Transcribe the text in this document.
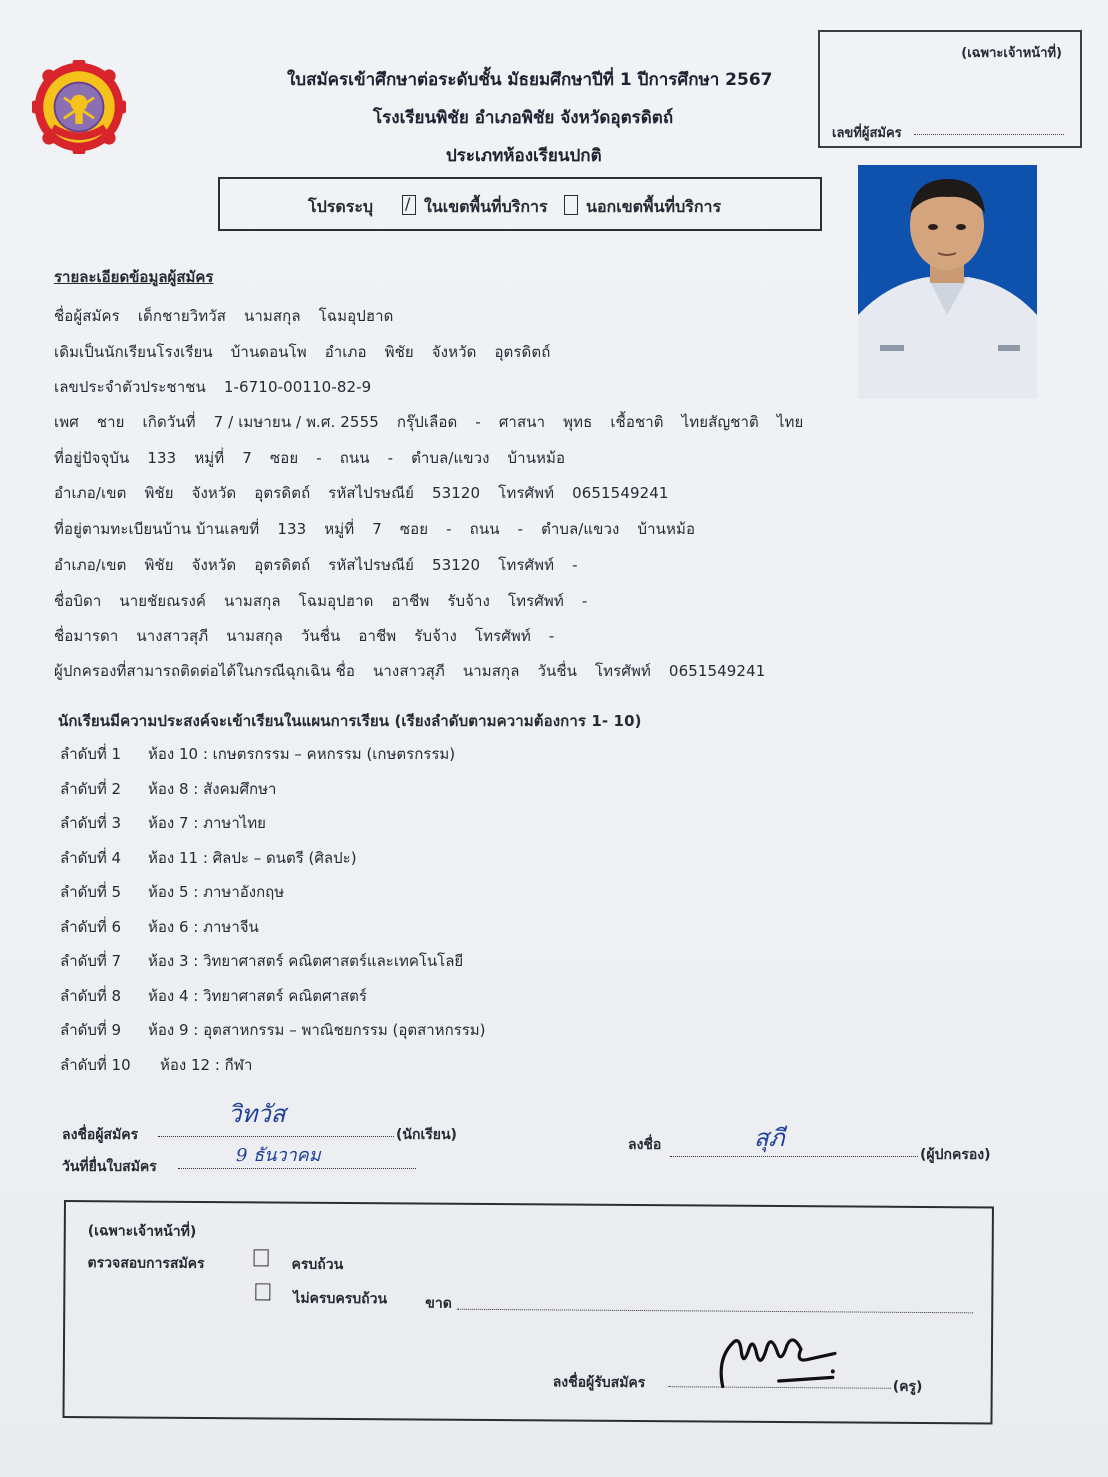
ใบสมัครเข้าศึกษาต่อระดับชั้น มัธยมศึกษาปีที่ 1 ปีการศึกษา 2567
โรงเรียนพิชัย อำเภอพิชัย จังหวัดอุตรดิตถ์
ประเภทห้องเรียนปกติ
(เฉพาะเจ้าหน้าที่)
เลขที่ผู้สมัคร
โปรดระบุ / ในเขตพื้นที่บริการ นอกเขตพื้นที่บริการ
รายละเอียดข้อมูลผู้สมัคร
ชื่อผู้สมัคร เด็กชายวิทวัส นามสกุล โฉมอุปฮาด
เดิมเป็นนักเรียนโรงเรียน บ้านดอนโพ อำเภอ พิชัย จังหวัด อุตรดิตถ์
เลขประจำตัวประชาชน 1-6710-00110-82-9
เพศ ชาย เกิดวันที่ 7 / เมษายน / พ.ศ. 2555 กรุ๊ปเลือด - ศาสนา พุทธ เชื้อชาติ ไทยสัญชาติ ไทย
ที่อยู่ปัจจุบัน 133 หมู่ที่ 7 ซอย - ถนน - ตำบล/แขวง บ้านหม้อ
อำเภอ/เขต พิชัย จังหวัด อุตรดิตถ์ รหัสไปรษณีย์ 53120 โทรศัพท์ 0651549241
ที่อยู่ตามทะเบียนบ้าน บ้านเลขที่ 133 หมู่ที่ 7 ซอย - ถนน - ตำบล/แขวง บ้านหม้อ
อำเภอ/เขต พิชัย จังหวัด อุตรดิตถ์ รหัสไปรษณีย์ 53120 โทรศัพท์ -
ชื่อบิดา นายชัยณรงค์ นามสกุล โฉมอุปฮาด อาชีพ รับจ้าง โทรศัพท์ -
ชื่อมารดา นางสาวสุภี นามสกุล วันชื่น อาชีพ รับจ้าง โทรศัพท์ -
ผู้ปกครองที่สามารถติดต่อได้ในกรณีฉุกเฉิน ชื่อ นางสาวสุภี นามสกุล วันชื่น โทรศัพท์ 0651549241
นักเรียนมีความประสงค์จะเข้าเรียนในแผนการเรียน (เรียงลำดับตามความต้องการ 1- 10)
ลำดับที่ 1 ห้อง 10 : เกษตรกรรม – คหกรรม (เกษตรกรรม)
ลำดับที่ 2 ห้อง 8 : สังคมศึกษา
ลำดับที่ 3 ห้อง 7 : ภาษาไทย
ลำดับที่ 4 ห้อง 11 : ศิลปะ – ดนตรี (ศิลปะ)
ลำดับที่ 5 ห้อง 5 : ภาษาอังกฤษ
ลำดับที่ 6 ห้อง 6 : ภาษาจีน
ลำดับที่ 7 ห้อง 3 : วิทยาศาสตร์ คณิตศาสตร์และเทคโนโลยี
ลำดับที่ 8 ห้อง 4 : วิทยาศาสตร์ คณิตศาสตร์
ลำดับที่ 9 ห้อง 9 : อุตสาหกรรม – พาณิชยกรรม (อุตสาหกรรม)
ลำดับที่ 10 ห้อง 12 : กีฬา
ลงชื่อผู้สมัคร
วิทวัส
(นักเรียน)
วันที่ยื่นใบสมัคร
9 ธันวาคม	ลงชื่อ	สุภี
(ผู้ปกครอง)
(เฉพาะเจ้าหน้าที่)
ตรวจสอบการสมัคร	ครบถ้วน
ไม่ครบครบถ้วน	ขาด
ลงชื่อผู้รับสมัคร	(ครู)
